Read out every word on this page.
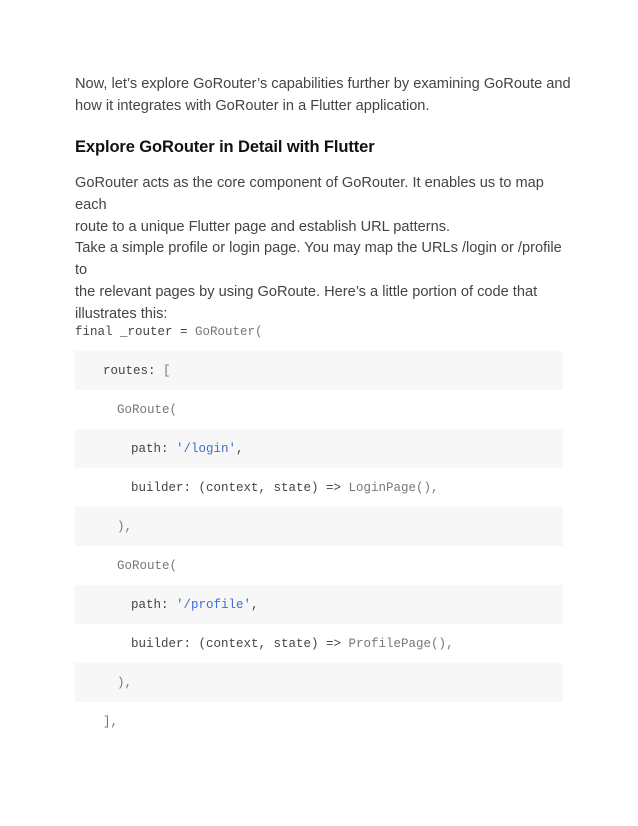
Now, let’s explore GoRouter’s capabilities further by examining GoRoute and
how it integrates with GoRouter in a Flutter application.

Explore GoRouter in Detail with Flutter

GoRouter acts as the core component of GoRouter. It enables us to map each
route to a unique Flutter page and establish URL patterns.

Take a simple profile or login page. You may map the URLs /login or /profile to
the relevant pages by using GoRoute. Here’s a little portion of code that
illustrates this:

final _router = GoRouter(

routes: [

GoRoute(

path: '/login',

builder: (context, state) => LoginPage(),

),

GoRoute(

path: '/profile',

builder: (context, state) => ProfilePage(),

),

],
